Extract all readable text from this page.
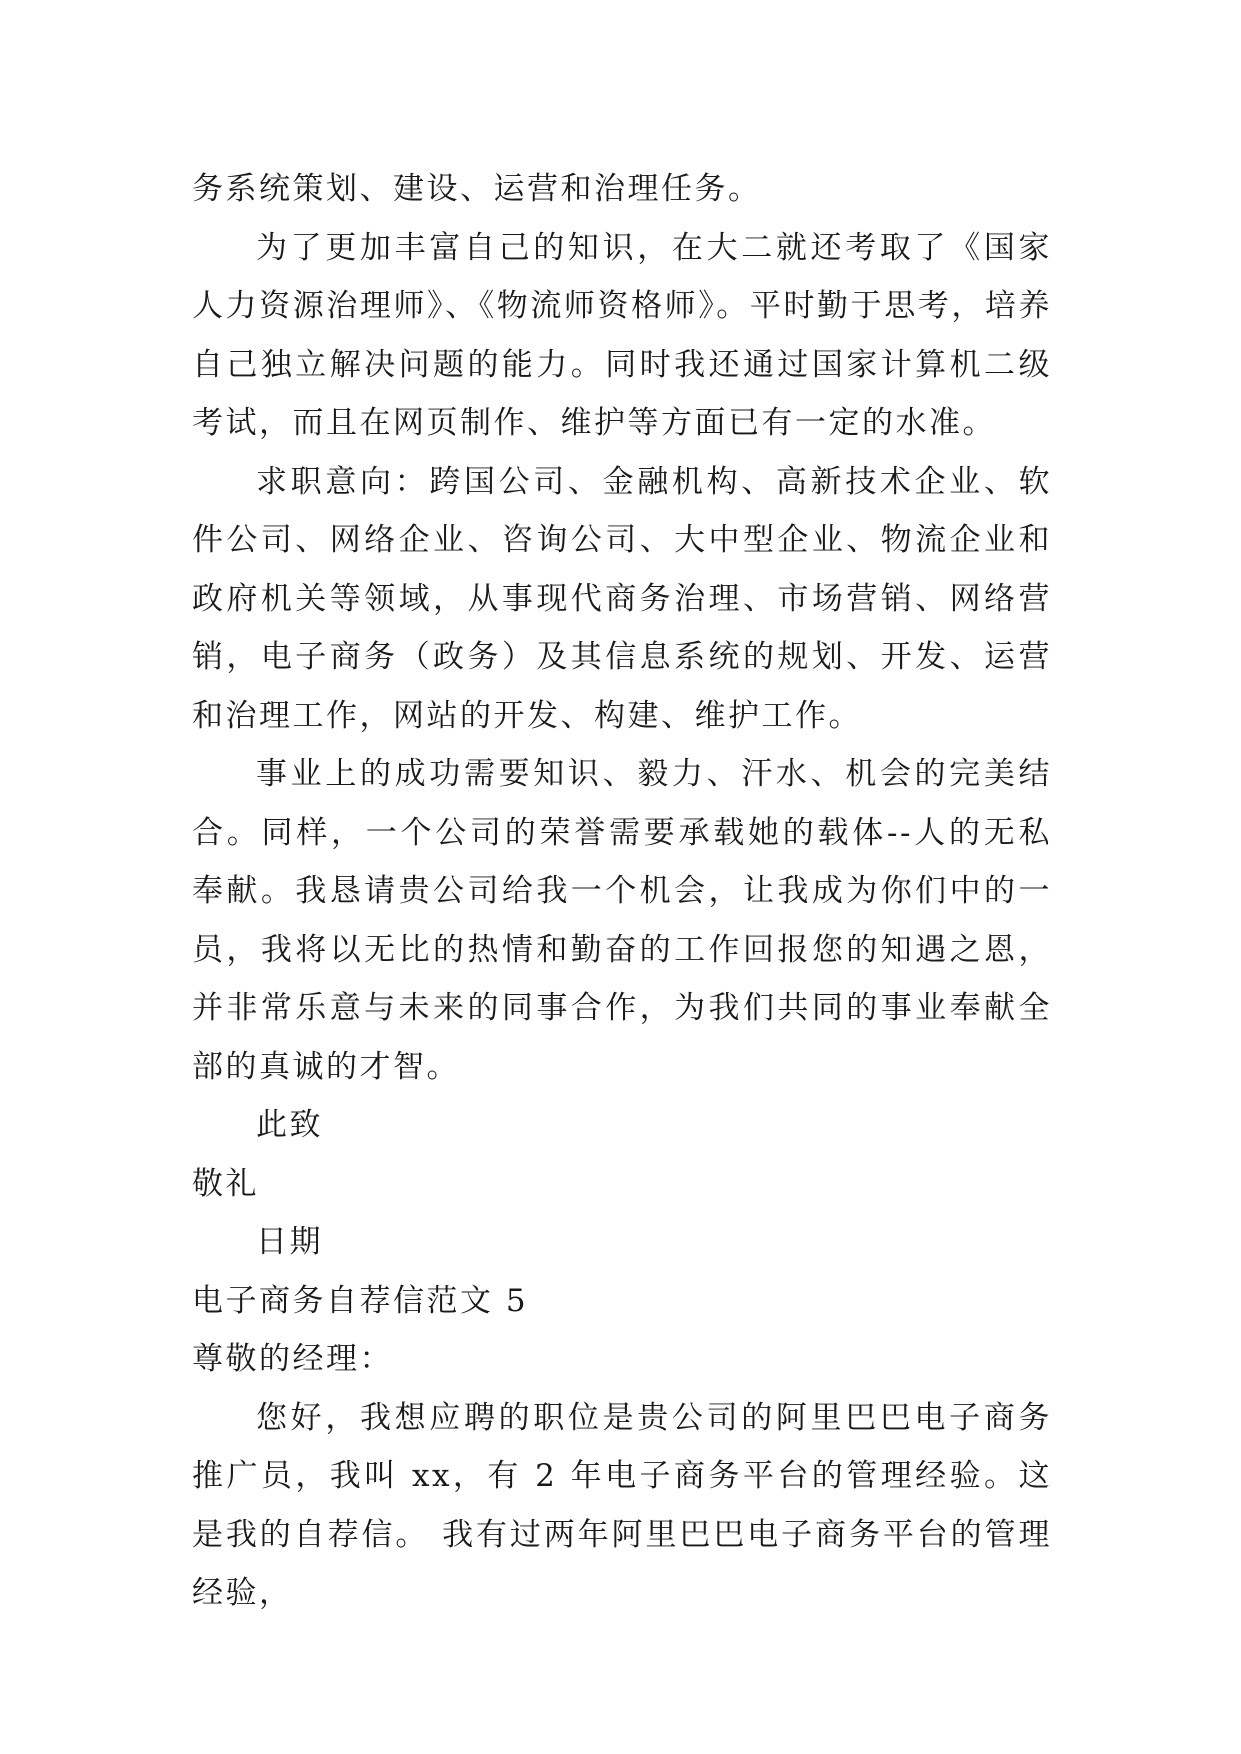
务系统策划、建设、运营和治理任务。

为了更加丰富自己的知识，在大二就还考取了《国家人力资源治理师》、《物流师资格师》。平时勤于思考，培养自己独立解决问题的能力。同时我还通过国家计算机二级考试，而且在网页制作、维护等方面已有一定的水准。

求职意向：跨国公司、金融机构、高新技术企业、软件公司、网络企业、咨询公司、大中型企业、物流企业和政府机关等领域，从事现代商务治理、市场营销、网络营销，电子商务（政务）及其信息系统的规划、开发、运营和治理工作，网站的开发、构建、维护工作。

事业上的成功需要知识、毅力、汗水、机会的完美结合。同样，一个公司的荣誉需要承载她的载体--人的无私奉献。我恳请贵公司给我一个机会，让我成为你们中的一员，我将以无比的热情和勤奋的工作回报您的知遇之恩，并非常乐意与未来的同事合作，为我们共同的事业奉献全部的真诚的才智。

此致

敬礼

日期

电子商务自荐信范文 5

尊敬的经理：

您好，我想应聘的职位是贵公司的阿里巴巴电子商务推广员，我叫 xx，有 2 年电子商务平台的管理经验。这是我的自荐信。 我有过两年阿里巴巴电子商务平台的管理经验，
